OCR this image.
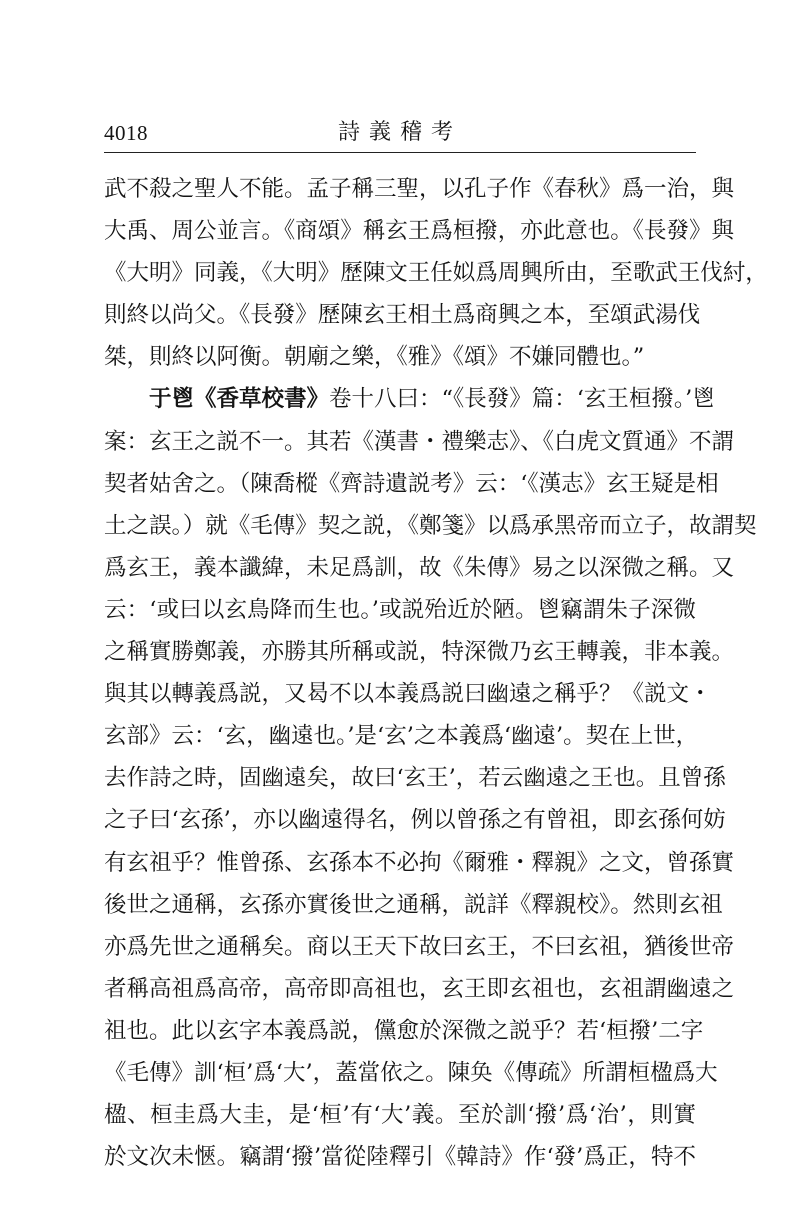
4018	詩義稽考
武不殺之聖人不能。孟子稱三聖，以孔子作《春秋》爲一治，與
大禹、周公並言。《商頌》稱玄王爲桓撥，亦此意也。《長發》與
《大明》同義，《大明》歷陳文王任姒爲周興所由，至歌武王伐紂，
則終以尚父。《長發》歷陳玄王相土爲商興之本，至頌武湯伐
桀，則終以阿衡。朝廟之樂，《雅》《頌》不嫌同體也。”
于鬯《香草校書》卷十八曰：“《長發》篇：‘玄王桓撥。’鬯
案：玄王之説不一。其若《漢書・禮樂志》、《白虎文質通》不謂
契者姑舍之。（陳喬樅《齊詩遺説考》云：‘《漢志》玄王疑是相
土之誤。）就《毛傳》契之説，《鄭箋》以爲承黑帝而立子，故謂契
爲玄王，義本讖緯，未足爲訓，故《朱傳》易之以深微之稱。又
云：‘或曰以玄鳥降而生也。’或説殆近於陋。鬯竊謂朱子深微
之稱實勝鄭義，亦勝其所稱或説，特深微乃玄王轉義，非本義。
與其以轉義爲説，又曷不以本義爲説曰幽遠之稱乎？《説文・
玄部》云：‘玄，幽遠也。’是‘玄’之本義爲‘幽遠’。契在上世，
去作詩之時，固幽遠矣，故曰‘玄王’，若云幽遠之王也。且曾孫
之子曰‘玄孫’，亦以幽遠得名，例以曾孫之有曾祖，即玄孫何妨
有玄祖乎？惟曾孫、玄孫本不必拘《爾雅・釋親》之文，曾孫實
後世之通稱，玄孫亦實後世之通稱，説詳《釋親校》。然則玄祖
亦爲先世之通稱矣。商以王天下故曰玄王，不曰玄祖，猶後世帝
者稱高祖爲高帝，高帝即高祖也，玄王即玄祖也，玄祖謂幽遠之
祖也。此以玄字本義爲説，儻愈於深微之説乎？若‘桓撥’二字
《毛傳》訓‘桓’爲‘大’，蓋當依之。陳奂《傳疏》所謂桓楹爲大
楹、桓圭爲大圭，是‘桓’有‘大’義。至於訓‘撥’爲‘治’，則實
於文次未愜。竊謂‘撥’當從陸釋引《韓詩》作‘發’爲正，特不
